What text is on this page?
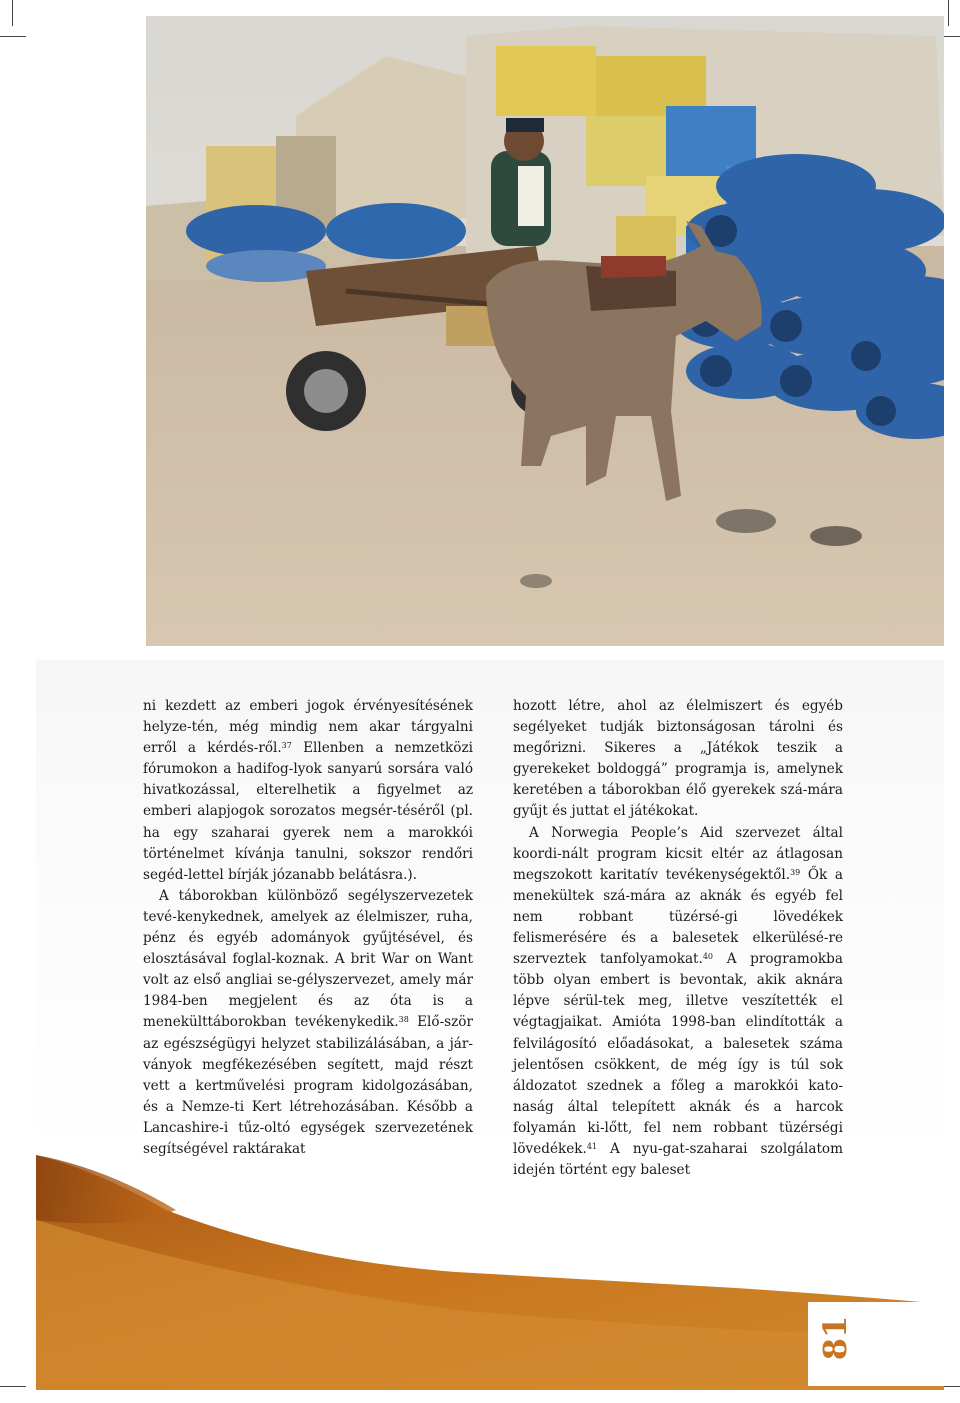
ni kezdett az emberi jogok érvényesítésének helyze-tén, még mindig nem akar tárgyalni erről a kérdés-ről.$^{37}$ Ellenben a nemzetközi fórumokon a hadifog-lyok sanyarú sorsára való hivatkozással, elterelhetik a figyelmet az emberi alapjogok sorozatos megsér-téséről (pl. ha egy szaharai gyerek nem a marokkói történelmet kívánja tanulni, sokszor rendőri segéd-lettel bírják józanabb belátásra.).

A táborokban különböző segélyszervezetek tevé-kenykednek, amelyek az élelmiszer, ruha, pénz és egyéb adományok gyűjtésével, és elosztásával foglal-koznak. A brit War on Want volt az első angliai se-gélyszervezet, amely már 1984-ben megjelent és az óta is a menekülttáborokban tevékenykedik.$^{38}$ Elő-ször az egészségügyi helyzet stabilizálásában, a jár-ványok megfékezésében segített, majd részt vett a kertművelési program kidolgozásában, és a Nemze-ti Kert létrehozásában. Később a Lancashire-i tűz-oltó egységek szervezetének segítségével raktárakat

hozott létre, ahol az élelmiszert és egyéb segélyeket tudják biztonságosan tárolni és megőrizni. Sikeres a „Játékok teszik a gyerekeket boldoggá” programja is, amelynek keretében a táborokban élő gyerekek szá-mára gyűjt és juttat el játékokat.

A Norwegia People’s Aid szervezet által koordi-nált program kicsit eltér az átlagosan megszokott karitatív tevékenységektől.$^{39}$ Ők a menekültek szá-mára az aknák és egyéb fel nem robbant tüzérsé-gi lövedékek felismerésére és a balesetek elkerülésé-re szerveztek tanfolyamokat.$^{40}$ A programokba több olyan embert is bevontak, akik aknára lépve sérül-tek meg, illetve veszítették el végtagjaikat. Amióta 1998-ban elindították a felvilágosító előadásokat, a balesetek száma jelentősen csökkent, de még így is túl sok áldozatot szednek a főleg a marokkói kato-naság által telepített aknák és a harcok folyamán ki-lőtt, fel nem robbant tüzérségi lövedékek.$^{41}$ A nyu-gat-szaharai szolgálatom idején történt egy baleset

81
